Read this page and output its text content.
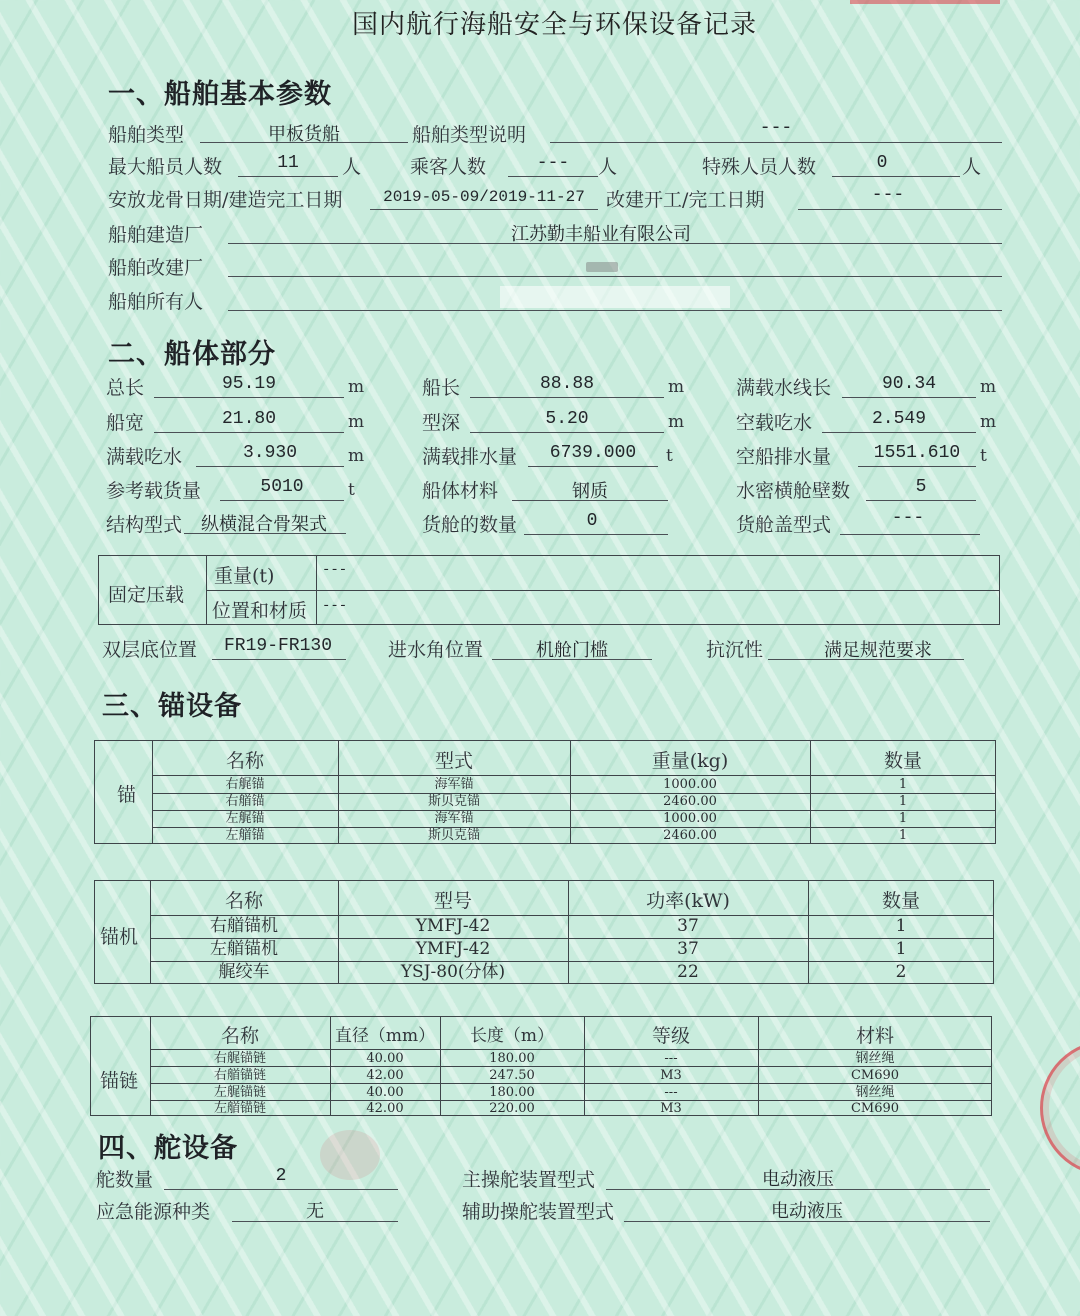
国内航行海船安全与环保设备记录
一、船舶基本参数
船舶类型	甲板货船	船舶类型说明	---
最大船员人数	11	人	乘客人数	---	人	特殊人员人数	0	人
安放龙骨日期/建造完工日期	2019-05-09/2019-11-27	改建开工/完工日期	---
船舶建造厂	江苏勤丰船业有限公司
船舶改建厂
船舶所有人
二、船体部分
总长	95.19	m	船长	88.88	m	满载水线长	90.34	m
船宽	21.80	m	型深	5.20	m	空载吃水	2.549	m
满载吃水	3.930	m	满载排水量	6739.000	t	空船排水量	1551.610	t
参考载货量	5010	t	船体材料	钢质	水密横舱壁数	5
结构型式	纵横混合骨架式	货舱的数量	0	货舱盖型式	---
固定压载
重量(t)	---
位置和材质 ---
双层底位置	FR19-FR130	进水角位置	机舱门槛	抗沉性	满足规范要求
三、锚设备
锚
名称	型式	重量(kg)	数量
右艉锚	海军锚	1000.00	1
右艏锚	斯贝克锚	2460.00	1
左艉锚	海军锚	1000.00	1
左艏锚	斯贝克锚	2460.00	1
锚机
名称	型号	功率(kW)	数量
右艏锚机	YMFJ-42	37	1
左艏锚机	YMFJ-42	37	1
艉绞车	YSJ-80(分体)	22	2
锚链
名称	直径（mm）	长度（m）	等级	材料
右艉锚链	40.00	180.00	---	钢丝绳
右艏锚链	42.00	247.50	M3	CM690
左艉锚链	40.00	180.00	---	钢丝绳
左艏锚链	42.00	220.00	M3	CM690
四、舵设备
舵数量	2	主操舵装置型式	电动液压
应急能源种类	无	辅助操舵装置型式	电动液压
